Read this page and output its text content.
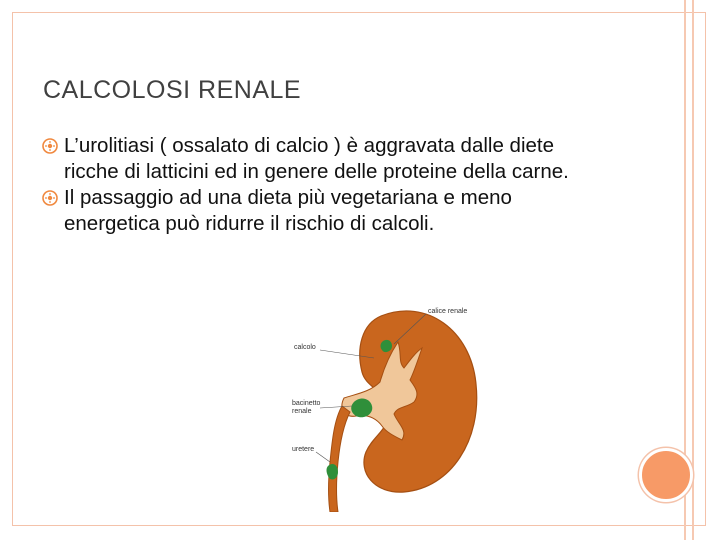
CALCOLOSI RENALE
L’urolitiasi ( ossalato di calcio ) è aggravata dalle diete ricche di latticini ed in genere delle proteine della carne.
Il passaggio ad una dieta più vegetariana e meno energetica può ridurre il rischio di calcoli.
calice renale
calcolo
bacinetto
renale
uretere
